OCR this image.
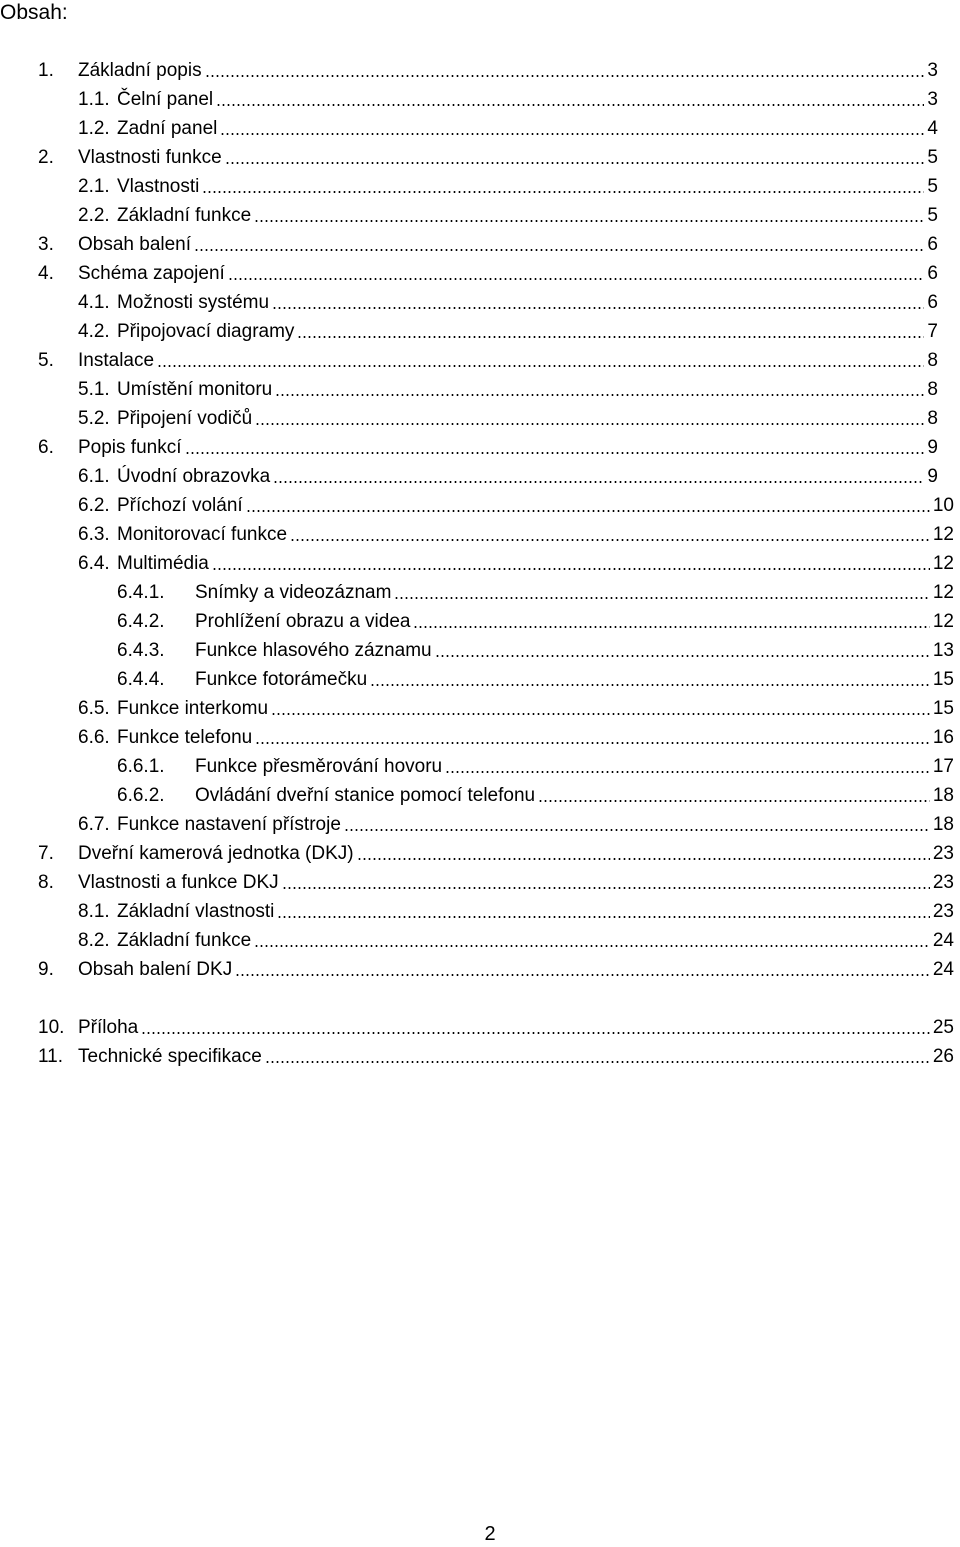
Obsah:
1.	Základní popis	3
1.1. Čelní panel	3
1.2. Zadní panel	4
2.	Vlastnosti funkce	5
2.1. Vlastnosti	5
2.2. Základní funkce	5
3.	Obsah balení	6
4.	Schéma zapojení	6
4.1. Možnosti systému	6
4.2. Připojovací diagramy	7
5.	Instalace	8
5.1. Umístění monitoru	8
5.2. Připojení vodičů	8
6.	Popis funkcí	9
6.1. Úvodní obrazovka	9
6.2. Příchozí volání	10
6.3. Monitorovací funkce	12
6.4. Multimédia	12
6.4.1.	Snímky a videozáznam	12
6.4.2.	Prohlížení obrazu a videa	12
6.4.3.	Funkce hlasového záznamu	13
6.4.4.	Funkce fotorámečku	15
6.5. Funkce interkomu	15
6.6. Funkce telefonu	16
6.6.1.	Funkce přesměrování hovoru	17
6.6.2.	Ovládání dveřní stanice pomocí telefonu	18
6.7. Funkce nastavení přístroje	18
7.	Dveřní kamerová jednotka (DKJ)	23
8.	Vlastnosti a funkce DKJ	23
8.1. Základní vlastnosti	23
8.2. Základní funkce	24
9.	Obsah balení DKJ	24
10. Příloha	25
11. Technické specifikace	26
2
